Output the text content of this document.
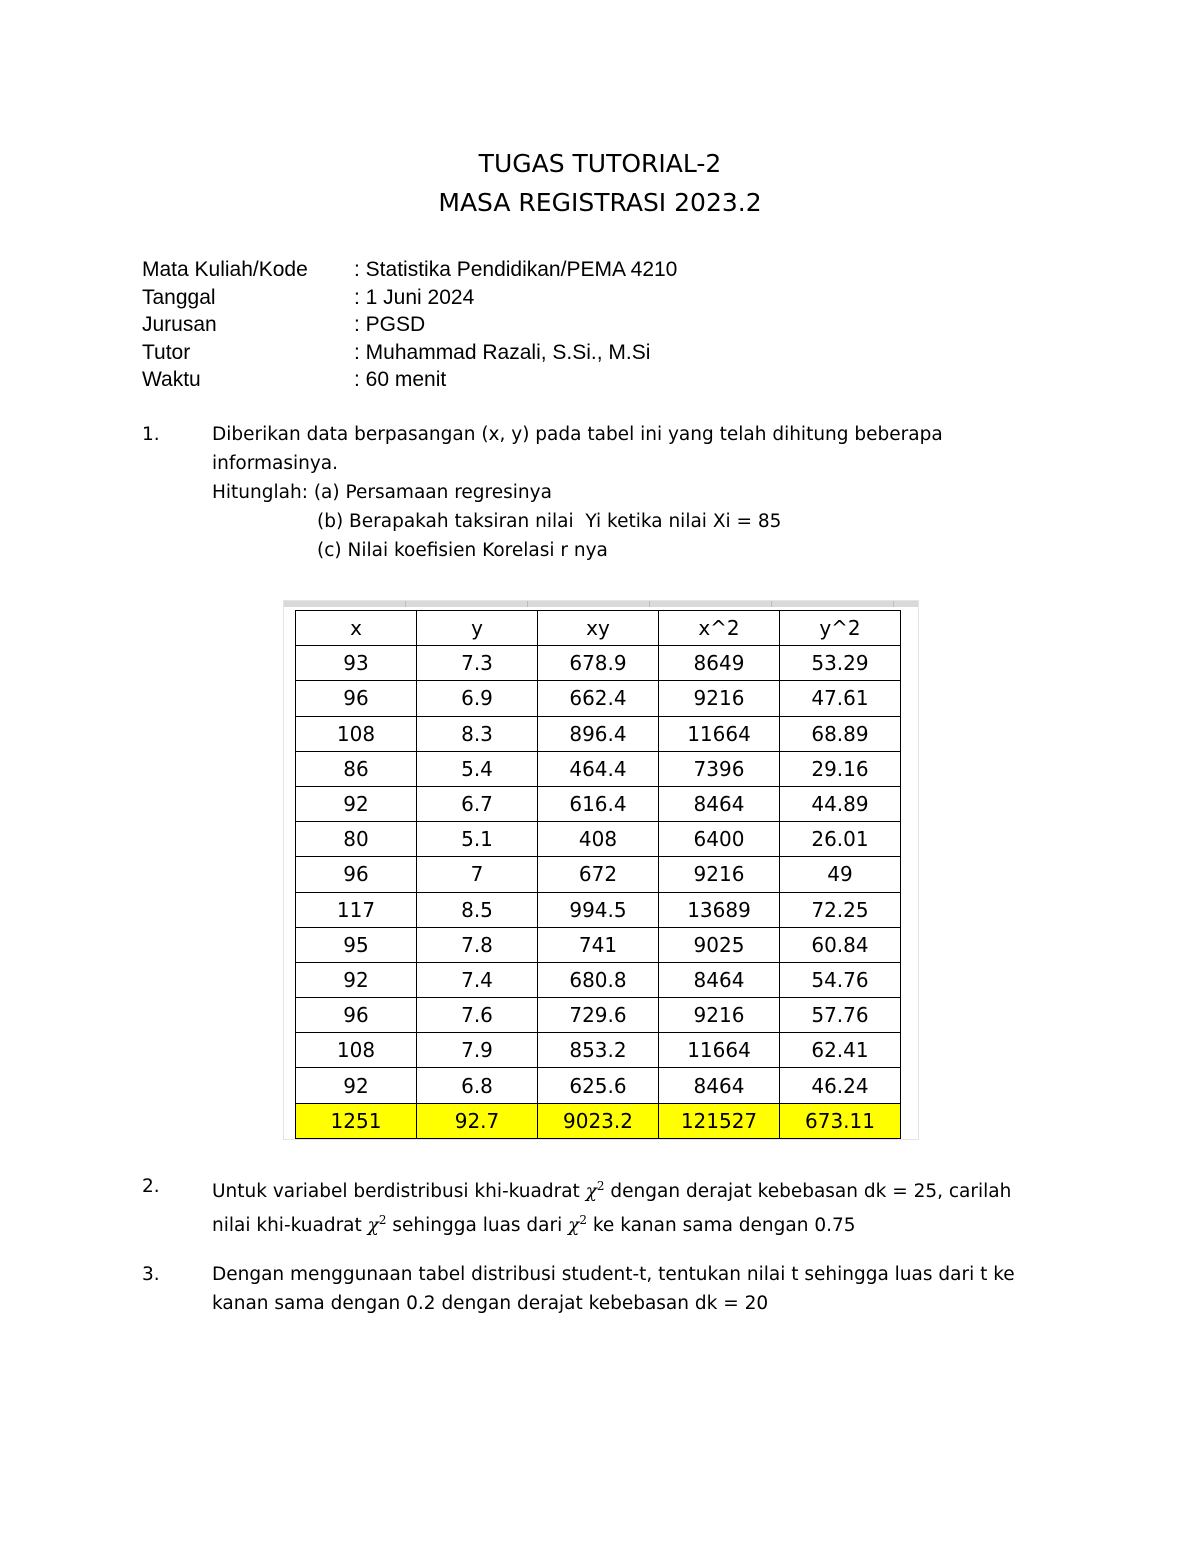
TUGAS TUTORIAL-2
MASA REGISTRASI 2023.2
Mata Kuliah/Kode	: Statistika Pendidikan/PEMA 4210
Tanggal	: 1 Juni 2024
Jurusan	: PGSD
Tutor	: Muhammad Razali, S.Si., M.Si
Waktu	: 60 menit
1.	Diberikan data berpasangan (x, y) pada tabel ini yang telah dihitung beberapa
informasinya.
Hitunglah: (a) Persamaan regresinya
(b) Berapakah taksiran nilai  Yi ketika nilai Xi = 85
(c) Nilai koefisien Korelasi r nya
x	y	xy	x^2	y^2
93	7.3	678.9	8649	53.29
96	6.9	662.4	9216	47.61
108	8.3	896.4	11664	68.89
86	5.4	464.4	7396	29.16
92	6.7	616.4	8464	44.89
80	5.1	408	6400	26.01
96	7	672	9216	49
117	8.5	994.5	13689	72.25
95	7.8	741	9025	60.84
92	7.4	680.8	8464	54.76
96	7.6	729.6	9216	57.76
108	7.9	853.2	11664	62.41
92	6.8	625.6	8464	46.24
1251	92.7	9023.2	121527	673.11
2.	Untuk variabel berdistribusi khi-kuadrat $\chi^2$ dengan derajat kebebasan dk = 25, carilah
nilai khi-kuadrat $\chi^2$ sehingga luas dari $\chi^2$ ke kanan sama dengan 0.75
3.	Dengan menggunaan tabel distribusi student-t, tentukan nilai t sehingga luas dari t ke
kanan sama dengan 0.2 dengan derajat kebebasan dk = 20
